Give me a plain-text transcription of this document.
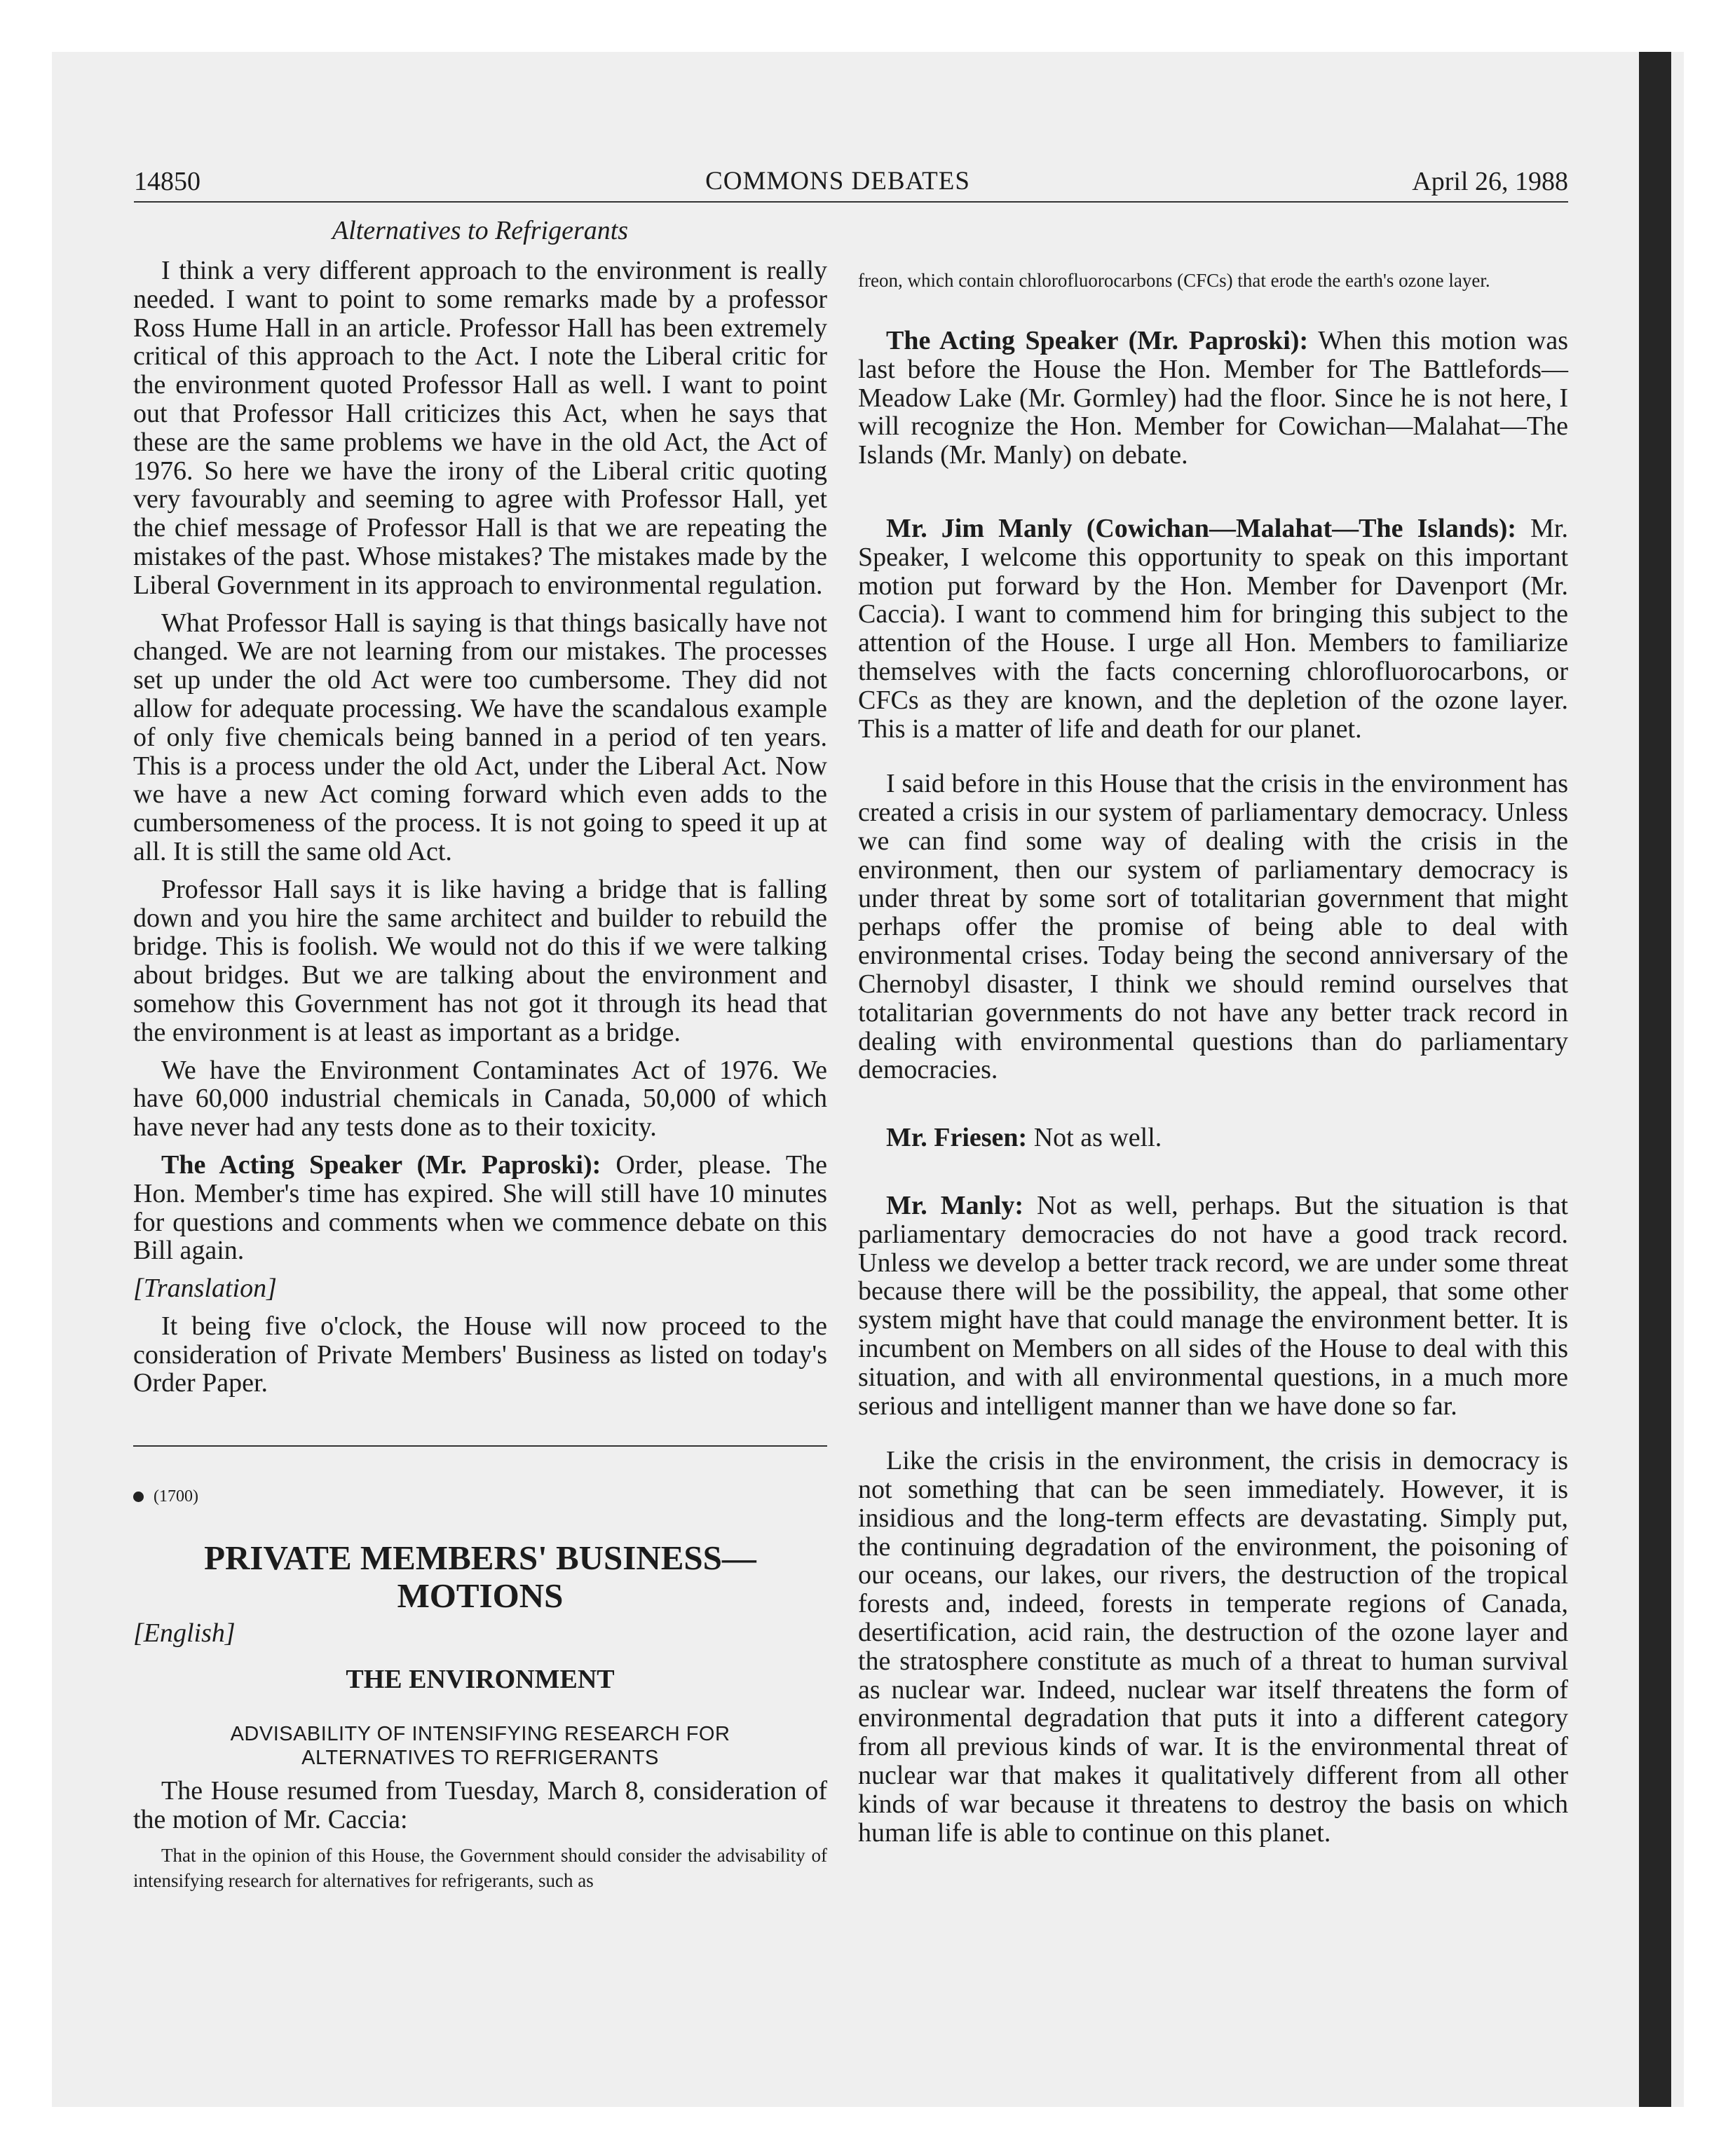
14850	COMMONS DEBATES	April 26, 1988

Alternatives to Refrigerants

I think a very different approach to the environment is really needed. I want to point to some remarks made by a professor Ross Hume Hall in an article. Professor Hall has been extremely critical of this approach to the Act. I note the Liberal critic for the environment quoted Professor Hall as well. I want to point out that Professor Hall criticizes this Act, when he says that these are the same problems we have in the old Act, the Act of 1976. So here we have the irony of the Liberal critic quoting very favourably and seeming to agree with Professor Hall, yet the chief message of Professor Hall is that we are repeating the mistakes of the past. Whose mistakes? The mistakes made by the Liberal Government in its approach to environmental regulation.

What Professor Hall is saying is that things basically have not changed. We are not learning from our mistakes. The processes set up under the old Act were too cumbersome. They did not allow for adequate processing. We have the scandalous example of only five chemicals being banned in a period of ten years. This is a process under the old Act, under the Liberal Act. Now we have a new Act coming forward which even adds to the cumbersomeness of the process. It is not going to speed it up at all. It is still the same old Act.

Professor Hall says it is like having a bridge that is falling down and you hire the same architect and builder to rebuild the bridge. This is foolish. We would not do this if we were talking about bridges. But we are talking about the environment and somehow this Government has not got it through its head that the environment is at least as important as a bridge.

We have the Environment Contaminates Act of 1976. We have 60,000 industrial chemicals in Canada, 50,000 of which have never had any tests done as to their toxicity.

The Acting Speaker (Mr. Paproski): Order, please. The Hon. Member's time has expired. She will still have 10 minutes for questions and comments when we commence debate on this Bill again.

[Translation]

It being five o'clock, the House will now proceed to the consideration of Private Members' Business as listed on today's Order Paper.

(1700)

PRIVATE MEMBERS' BUSINESS—

MOTIONS

[English]

THE ENVIRONMENT

ADVISABILITY OF INTENSIFYING RESEARCH FOR

ALTERNATIVES TO REFRIGERANTS

The House resumed from Tuesday, March 8, consideration of the motion of Mr. Caccia:

That in the opinion of this House, the Government should consider the advisability of intensifying research for alternatives for refrigerants, such as

freon, which contain chlorofluorocarbons (CFCs) that erode the earth's ozone layer.

The Acting Speaker (Mr. Paproski): When this motion was last before the House the Hon. Member for The Battlefords—Meadow Lake (Mr. Gormley) had the floor. Since he is not here, I will recognize the Hon. Member for Cowichan—Malahat—The Islands (Mr. Manly) on debate.

Mr. Jim Manly (Cowichan—Malahat—The Islands): Mr. Speaker, I welcome this opportunity to speak on this important motion put forward by the Hon. Member for Davenport (Mr. Caccia). I want to commend him for bringing this subject to the attention of the House. I urge all Hon. Members to familiarize themselves with the facts concerning chlorofluorocarbons, or CFCs as they are known, and the depletion of the ozone layer. This is a matter of life and death for our planet.

I said before in this House that the crisis in the environment has created a crisis in our system of parliamentary democracy. Unless we can find some way of dealing with the crisis in the environment, then our system of parliamentary democracy is under threat by some sort of totalitarian government that might perhaps offer the promise of being able to deal with environmental crises. Today being the second anniversary of the Chernobyl disaster, I think we should remind ourselves that totalitarian governments do not have any better track record in dealing with environmental questions than do parliamentary democracies.

Mr. Friesen: Not as well.

Mr. Manly: Not as well, perhaps. But the situation is that parliamentary democracies do not have a good track record. Unless we develop a better track record, we are under some threat because there will be the possibility, the appeal, that some other system might have that could manage the environment better. It is incumbent on Members on all sides of the House to deal with this situation, and with all environmental questions, in a much more serious and intelligent manner than we have done so far.

Like the crisis in the environment, the crisis in democracy is not something that can be seen immediately. However, it is insidious and the long-term effects are devastating. Simply put, the continuing degradation of the environment, the poisoning of our oceans, our lakes, our rivers, the destruction of the tropical forests and, indeed, forests in temperate regions of Canada, desertification, acid rain, the destruction of the ozone layer and the stratosphere constitute as much of a threat to human survival as nuclear war. Indeed, nuclear war itself threatens the form of environmental degradation that puts it into a different category from all previous kinds of war. It is the environmental threat of nuclear war that makes it qualitatively different from all other kinds of war because it threatens to destroy the basis on which human life is able to continue on this planet.
